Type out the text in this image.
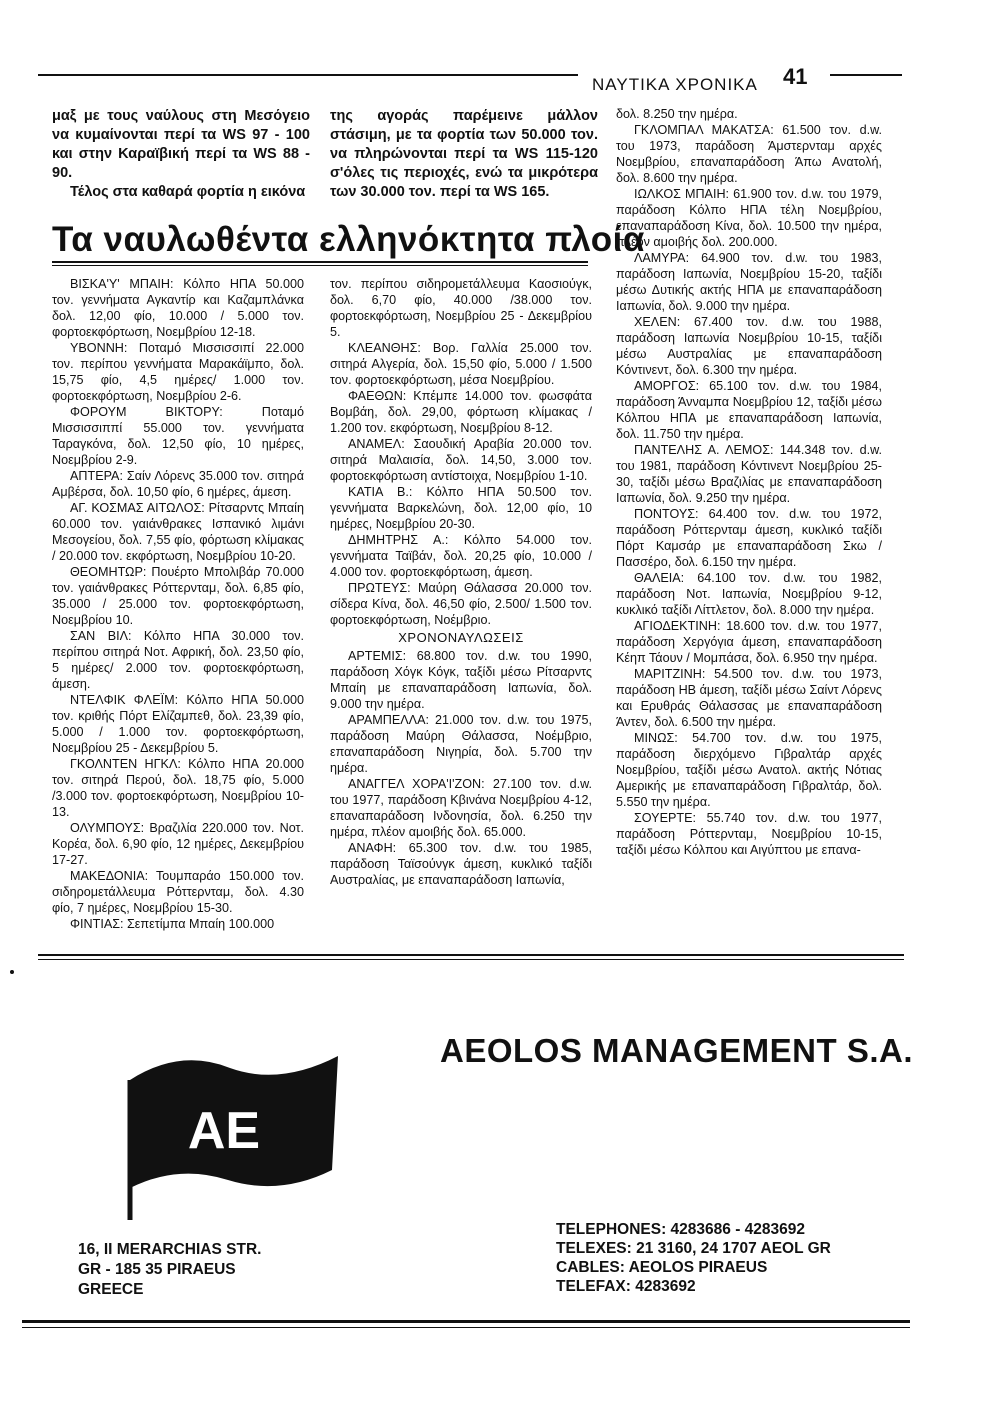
ΝΑΥΤΙΚΑ ΧΡΟΝΙΚΑ 41

μαξ με τους ναύλους στη Μεσόγειο να κυμαίνονται περί τα WS 97 - 100 και στην Καραϊβική περί τα WS 88 - 90.

Τέλος στα καθαρά φορτία η εικόνα

της αγοράς παρέμεινε μάλλον στάσιμη, με τα φορτία των 50.000 τον. να πληρώνονται περί τα WS 115-120 σ'όλες τις περιοχές, ενώ τα μικρότερα των 30.000 τον. περί τα WS 165.

Τα ναυλωθέντα ελληνόκτητα πλοία

ΒΙΣΚΑ'Υ' ΜΠΑΙΗ: Κόλπο ΗΠΑ 50.000 τον. γεννήματα Αγκαντίρ και Καζαμπλάνκα δολ. 12,00 φίο, 10.000 / 5.000 τον. φορτοεκφόρτωση, Νοεμβρίου 12-18.

ΥΒΟΝΝΗ: Ποταμό Μισσισσιπί 22.000 τον. περίπου γεννήματα Μαρακάϊμπο, δολ. 15,75 φίο, 4,5 ημέρες/ 1.000 τον. φορτοεκφόρτωση, Νοεμβρίου 2-6.

ΦΟΡΟΥΜ ΒΙΚΤΟΡΥ: Ποταμό Μισσισσιππί 55.000 τον. γεννήματα Ταραγκόνα, δολ. 12,50 φίο, 10 ημέρες, Νοεμβρίου 2-9.

ΑΠΤΕΡΑ: Σαίν Λόρενς 35.000 τον. σιτηρά Αμβέρσα, δολ. 10,50 φίο, 6 ημέρες, άμεση.

ΑΓ. ΚΟΣΜΑΣ ΑΙΤΩΛΟΣ: Ρίτσαρντς Μπαίη 60.000 τον. γαιάνθρακες Ισπανικό λιμάνι Μεσογείου, δολ. 7,55 φίο, φόρτωση κλίμακας / 20.000 τον. εκφόρτωση, Νοεμβρίου 10-20.

ΘΕΟΜΗΤΩΡ: Πουέρτο Μπολιβάρ 70.000 τον. γαιάνθρακες Ρόττερνταμ, δολ. 6,85 φίο, 35.000 / 25.000 τον. φορτοεκφόρτωση, Νοεμβρίου 10.

ΣΑΝ ΒΙΛ: Κόλπο ΗΠΑ 30.000 τον. περίπου σιτηρά Νοτ. Αφρική, δολ. 23,50 φίο, 5 ημέρες/ 2.000 τον. φορτοεκφόρτωση, άμεση.

ΝΤΕΛΦΙΚ ΦΛΕΪΜ: Κόλπο ΗΠΑ 50.000 τον. κριθής Πόρτ Ελίζαμπεθ, δολ. 23,39 φίο, 5.000 / 1.000 τον. φορτοεκφόρτωση, Νοεμβρίου 25 - Δεκεμβρίου 5.

ΓΚΟΛΝΤΕΝ ΗΓΚΛ: Κόλπο ΗΠΑ 20.000 τον. σιτηρά Περού, δολ. 18,75 φίο, 5.000 /3.000 τον. φορτοεκφόρτωση, Νοεμβρίου 10-13.

ΟΛΥΜΠΟΥΣ: Βραζιλία 220.000 τον. Νοτ. Κορέα, δολ. 6,90 φίο, 12 ημέρες, Δεκεμβρίου 17-27.

ΜΑΚΕΔΟΝΙΑ: Τουμπαράο 150.000 τον. σιδηρομετάλλευμα Ρόττερνταμ, δολ. 4.30 φίο, 7 ημέρες, Νοεμβρίου 15-30.

ΦΙΝΤΙΑΣ: Σεπετίμπα Μπαίη 100.000

τον. περίπου σιδηρομετάλλευμα Καοσιούγκ, δολ. 6,70 φίο, 40.000 /38.000 τον. φορτοεκφόρτωση, Νοεμβρίου 25 - Δεκεμβρίου 5.

ΚΛΕΑΝΘΗΣ: Βορ. Γαλλία 25.000 τον. σιτηρά Αλγερία, δολ. 15,50 φίο, 5.000 / 1.500 τον. φορτοεκφόρτωση, μέσα Νοεμβρίου.

ΦΑΕΘΩΝ: Κπέμπε 14.000 τον. φωσφάτα Βομβάη, δολ. 29,00, φόρτωση κλίμακας / 1.200 τον. εκφόρτωση, Νοεμβρίου 8-12.

ΑΝΑΜΕΛ: Σαουδική Αραβία 20.000 τον. σιτηρά Μαλαισία, δολ. 14,50, 3.000 τον. φορτοεκφόρτωση αντίστοιχα, Νοεμβρίου 1-10.

ΚΑΤΙΑ Β.: Κόλπο ΗΠΑ 50.500 τον. γεννήματα Βαρκελώνη, δολ. 12,00 φίο, 10 ημέρες, Νοεμβρίου 20-30.

ΔΗΜΗΤΡΗΣ Α.: Κόλπο 54.000 τον. γεννήματα Ταϊβάν, δολ. 20,25 φίο, 10.000 / 4.000 τον. φορτοεκφόρτωση, άμεση.

ΠΡΩΤΕΥΣ: Μαύρη Θάλασσα 20.000 τον. σίδερα Κίνα, δολ. 46,50 φίο, 2.500/ 1.500 τον. φορτοεκφόρτωση, Νοέμβριο.

ΧΡΟΝΟΝΑΥΛΩΣΕΙΣ

ΑΡΤΕΜΙΣ: 68.800 τον. d.w. του 1990, παράδοση Χόγκ Κόγκ, ταξίδι μέσω Ρίτσαρντς Μπαίη με επαναπαράδοση Ιαπωνία, δολ. 9.000 την ημέρα.

ΑΡΑΜΠΕΛΛΑ: 21.000 τον. d.w. του 1975, παράδοση Μαύρη Θάλασσα, Νοέμβριο, επαναπαράδοση Νιγηρία, δολ. 5.700 την ημέρα.

ΑΝΑΓΓΕΛ ΧΟΡΑ'Ι'ΖΟΝ: 27.100 τον. d.w. του 1977, παράδοση Κβινάνα Νοεμβρίου 4-12, επαναπαράδοση Ινδονησία, δολ. 6.250 την ημέρα, πλέον αμοιβής δολ. 65.000.

ΑΝΑΦΗ: 65.300 τον. d.w. του 1985, παράδοση Ταϊσούνγκ άμεση, κυκλικό ταξίδι Αυστραλίας, με επαναπαράδοση Ιαπωνία,

δολ. 8.250 την ημέρα.

ΓΚΛΟΜΠΑΛ ΜΑΚΑΤΣΑ: 61.500 τον. d.w. του 1973, παράδοση Άμστερνταμ αρχές Νοεμβρίου, επαναπαράδοση Άπω Ανατολή, δολ. 8.600 την ημέρα.

ΙΩΛΚΟΣ ΜΠΑΙΗ: 61.900 τον. d.w. του 1979, παράδοση Κόλπο ΗΠΑ τέλη Νοεμβρίου, επαναπαράδοση Κίνα, δολ. 10.500 την ημέρα, πλέον αμοιβής δολ. 200.000.

ΛΑΜΥΡΑ: 64.900 τον. d.w. του 1983, παράδοση Ιαπωνία, Νοεμβρίου 15-20, ταξίδι μέσω Δυτικής ακτής ΗΠΑ με επαναπαράδοση Ιαπωνία, δολ. 9.000 την ημέρα.

ΧΕΛΕΝ: 67.400 τον. d.w. του 1988, παράδοση Ιαπωνία Νοεμβρίου 10-15, ταξίδι μέσω Αυστραλίας με επαναπαράδοση Κόντινεντ, δολ. 6.300 την ημέρα.

ΑΜΟΡΓΟΣ: 65.100 τον. d.w. του 1984, παράδοση Άνναμπα Νοεμβρίου 12, ταξίδι μέσω Κόλπου ΗΠΑ με επαναπαράδοση Ιαπωνία, δολ. 11.750 την ημέρα.

ΠΑΝΤΕΛΗΣ Α. ΛΕΜΟΣ: 144.348 τον. d.w. του 1981, παράδοση Κόντινεντ Νοεμβρίου 25-30, ταξίδι μέσω Βραζιλίας με επαναπαράδοση Ιαπωνία, δολ. 9.250 την ημέρα.

ΠΟΝΤΟΥΣ: 64.400 τον. d.w. του 1972, παράδοση Ρόττερνταμ άμεση, κυκλικό ταξίδι Πόρτ Καμσάρ με επαναπαράδοση Σκω / Πασσέρο, δολ. 6.150 την ημέρα.

ΘΑΛΕΙΑ: 64.100 τον. d.w. του 1982, παράδοση Νοτ. Ιαπωνία, Νοεμβρίου 9-12, κυκλικό ταξίδι Λίττλετον, δολ. 8.000 την ημέρα.

ΑΓΙΟΔΕΚΤΙΝΗ: 18.600 τον. d.w. του 1977, παράδοση Χεργόγια άμεση, επαναπαράδοση Κέηπ Τάουν / Μομπάσα, δολ. 6.950 την ημέρα.

ΜΑΡΙΤΖΙΝΗ: 54.500 τον. d.w. του 1973, παράδοση ΗΒ άμεση, ταξίδι μέσω Σαίντ Λόρενς και Ερυθράς Θάλασσας με επαναπαράδοση Άντεν, δολ. 6.500 την ημέρα.

ΜΙΝΩΣ: 54.700 τον. d.w. του 1975, παράδοση διερχόμενο Γιβραλτάρ αρχές Νοεμβρίου, ταξίδι μέσω Ανατολ. ακτής Νότιας Αμερικής με επαναπαράδοση Γιβραλτάρ, δολ. 5.550 την ημέρα.

ΣΟΥΕΡΤΕ: 55.740 τον. d.w. του 1977, παράδοση Ρόττερνταμ, Νοεμβρίου 10-15, ταξίδι μέσω Κόλπου και Αιγύπτου με επανα-

AEOLOS MANAGEMENT S.A.
AE
16, II MERARCHIAS STR.
GR - 185 35 PIRAEUS
GREECE
TELEPHONES: 4283686 - 4283692
TELEXES: 21 3160, 24 1707 AEOL GR
CABLES: AEOLOS PIRAEUS
TELEFAX: 4283692
